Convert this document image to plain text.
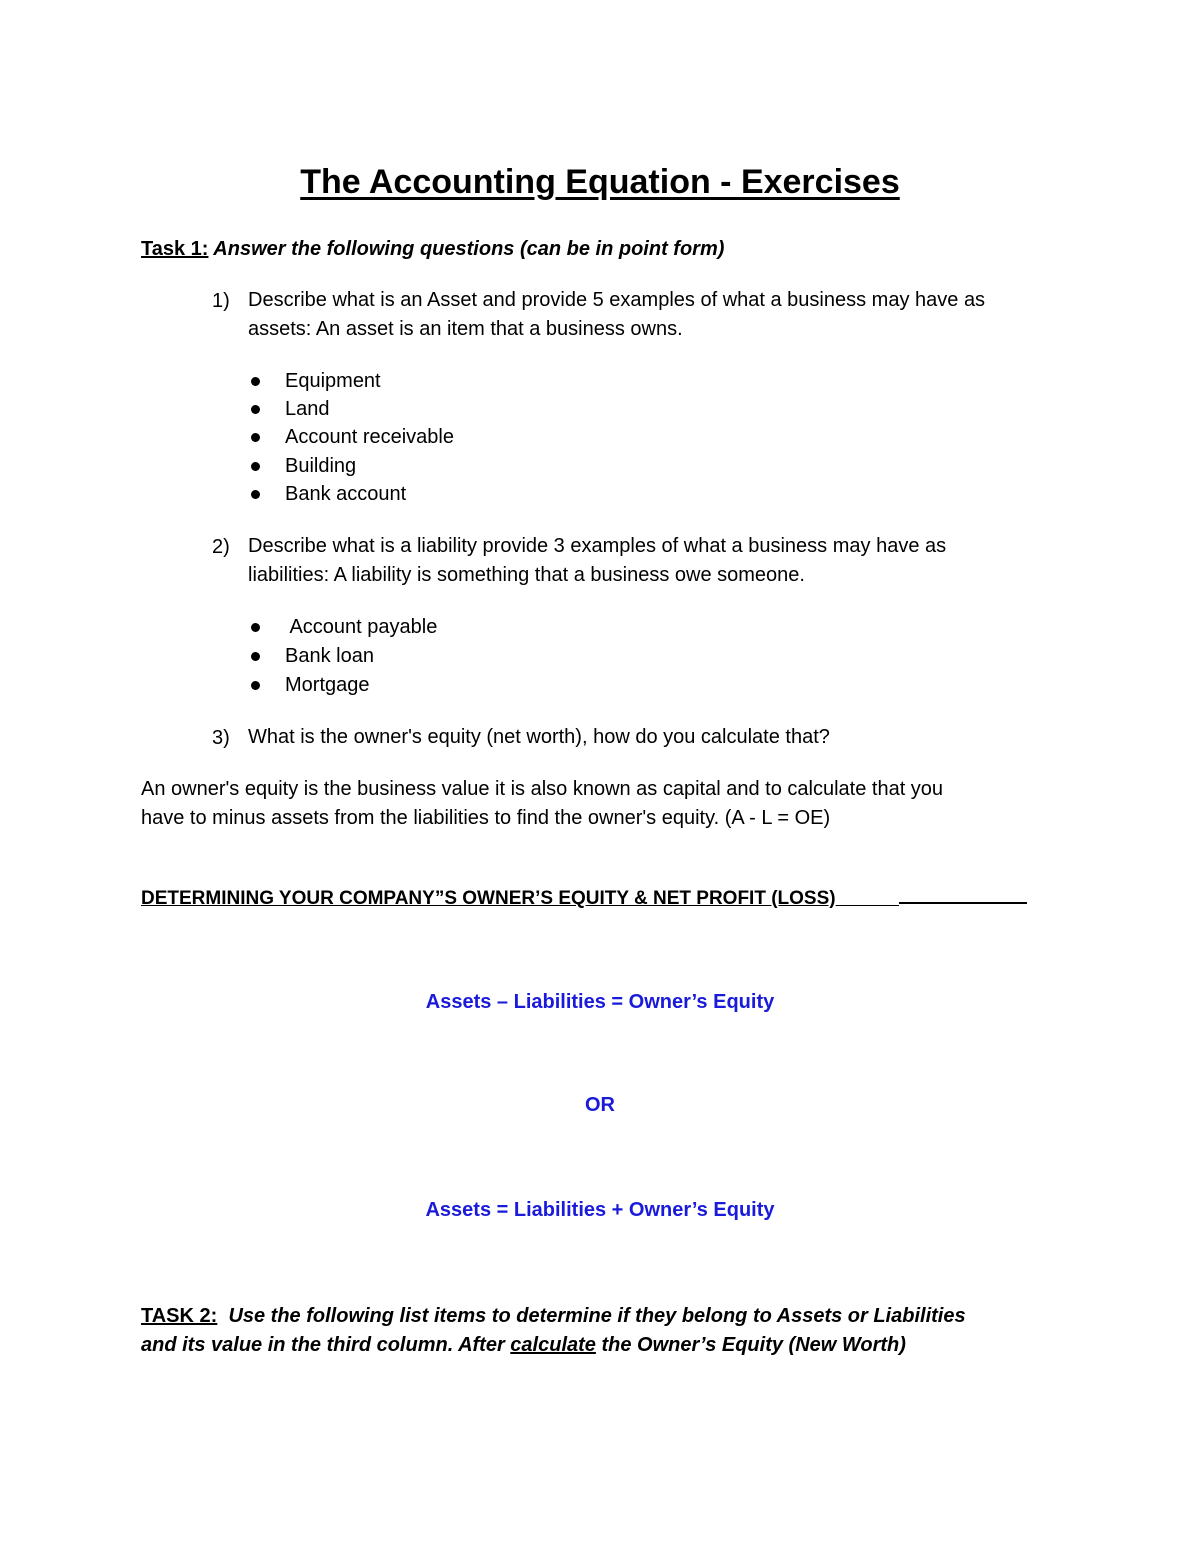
The Accounting Equation - Exercises

Task 1: Answer the following questions (can be in point form)

1) Describe what is an Asset and provide 5 examples of what a business may have as
assets: An asset is an item that a business owns.
Equipment
Land
Account receivable
Building
Bank account
2) Describe what is a liability provide 3 examples of what a business may have as
liabilities: A liability is something that a business owe someone.
Account payable
Bank loan
Mortgage
3) What is the owner's equity (net worth), how do you calculate that?
An owner's equity is the business value it is also known as capital and to calculate that you
have to minus assets from the liabilities to find the owner's equity. (A - L = OE)

DETERMINING YOUR COMPANY”S OWNER’S EQUITY & NET PROFIT (LOSS)

Assets – Liabilities = Owner’s Equity

OR

Assets = Liabilities + Owner’s Equity

TASK 2: Use the following list items to determine if they belong to Assets or Liabilities
and its value in the third column. After calculate the Owner’s Equity (New Worth)
